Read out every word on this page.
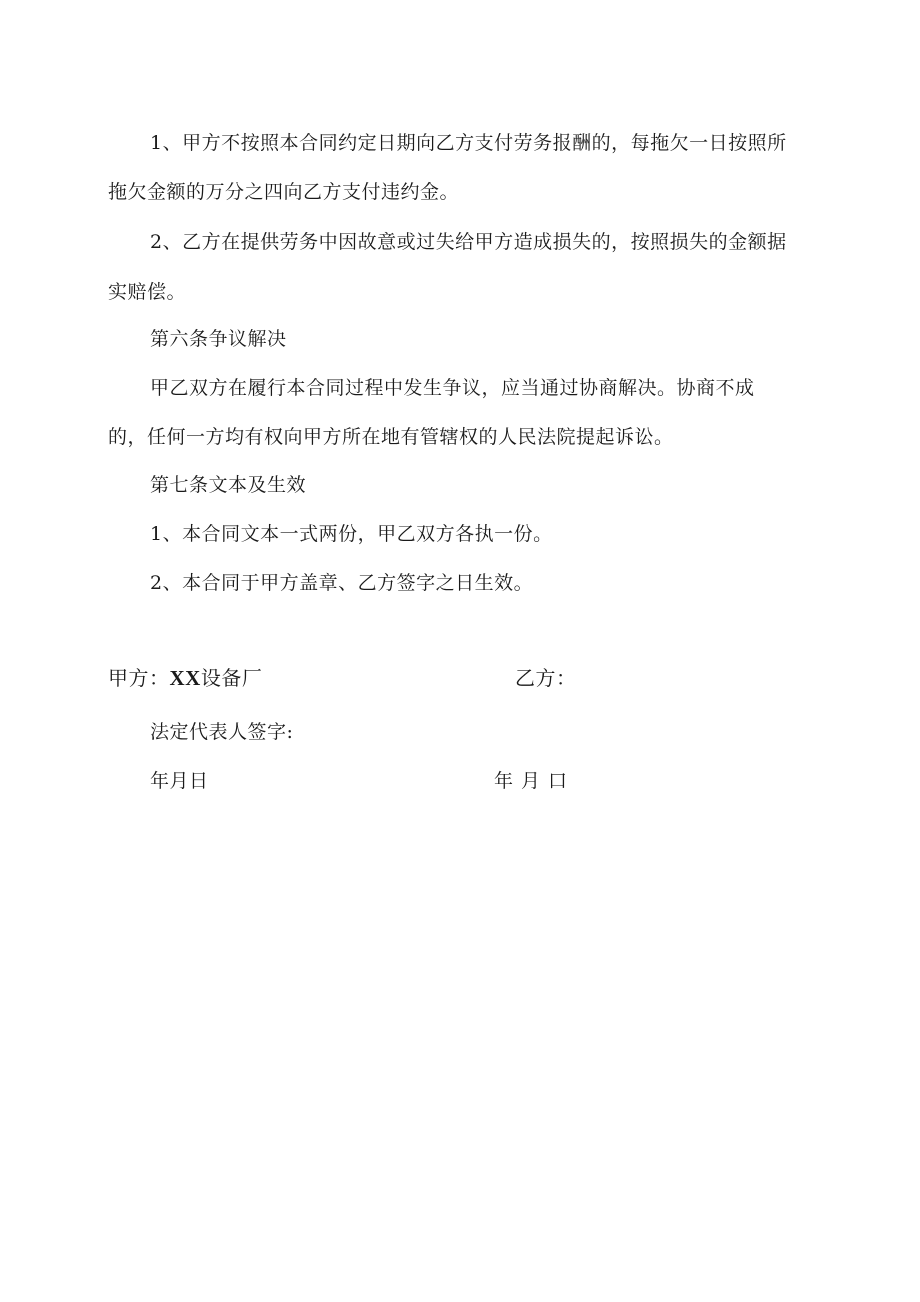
1、甲方不按照本合同约定日期向乙方支付劳务报酬的，每拖欠一日按照所
拖欠金额的万分之四向乙方支付违约金。
2、乙方在提供劳务中因故意或过失给甲方造成损失的，按照损失的金额据
实赔偿。
第六条争议解决
甲乙双方在履行本合同过程中发生争议，应当通过协商解决。协商不成
的，任何一方均有权向甲方所在地有管辖权的人民法院提起诉讼。
第七条文本及生效
1、本合同文本一式两份，甲乙双方各执一份。
2、本合同于甲方盖章、乙方签字之日生效。
甲方：XX设备厂	乙方：
法定代表人签字:
年月日	年月口
